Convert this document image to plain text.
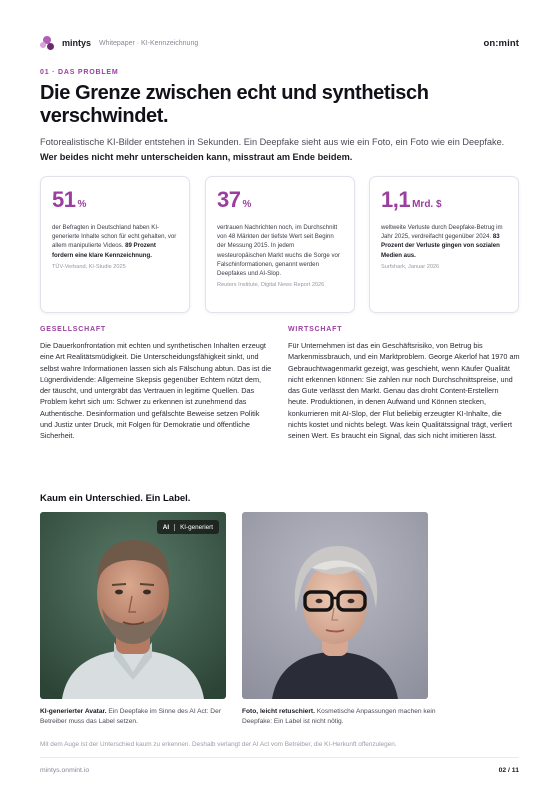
mintys Whitepaper · KI-Kennzeichnung	on:mint
01 · DAS PROBLEM
Die Grenze zwischen echt und synthetisch verschwindet.

Fotorealistische KI-Bilder entstehen in Sekunden. Ein Deepfake sieht aus wie ein Foto, ein Foto wie ein Deepfake. Wer beides nicht mehr unterscheiden kann, misstraut am Ende beidem.

51 %

der Befragten in Deutschland haben KI-generierte Inhalte schon für echt gehalten, vor allem manipulierte Videos. 89 Prozent fordern eine klare Kennzeichnung.

TÜV-Verband, KI-Studie 2025
37 %

vertrauen Nachrichten noch, im Durchschnitt von 48 Märkten der tiefste Wert seit Beginn der Messung 2015. In jedem westeuropäischen Markt wuchs die Sorge vor Falschinformationen, genannt werden Deepfakes und AI-Slop.

Reuters Institute, Digital News Report 2026
1,1 Mrd. $

weltweite Verluste durch Deepfake-Betrug im Jahr 2025, verdreifacht gegenüber 2024. 83 Prozent der Verluste gingen von sozialen Medien aus.

Surfshark, Januar 2026
GESELLSCHAFT

Die Dauerkonfrontation mit echten und synthetischen Inhalten erzeugt eine Art Realitätsmüdigkeit. Die Unterscheidungsfähigkeit sinkt, und selbst wahre Informationen lassen sich als Fälschung abtun. Das ist die Lügnerdividende: Allgemeine Skepsis gegenüber Echtem nützt dem, der täuscht, und untergräbt das Vertrauen in legitime Quellen. Das Problem kehrt sich um: Schwer zu erkennen ist zunehmend das Authentische. Desinformation und gefälschte Beweise setzen Politik und Justiz unter Druck, mit Folgen für Demokratie und öffentliche Sicherheit.

WIRTSCHAFT

Für Unternehmen ist das ein Geschäftsrisiko, von Betrug bis Markenmissbrauch, und ein Marktproblem. George Akerlof hat 1970 am Gebrauchtwagenmarkt gezeigt, was geschieht, wenn Käufer Qualität nicht erkennen können: Sie zahlen nur noch Durchschnittspreise, und das Gute verlässt den Markt. Genau das droht Content-Erstellern heute. Produktionen, in denen Aufwand und Können stecken, konkurrieren mit AI-Slop, der Flut beliebig erzeugter KI-Inhalte, die nichts kostet und nichts belegt. Was kein Qualitätssignal trägt, verliert seinen Wert. Es braucht ein Signal, das sich nicht imitieren lässt.

Kaum ein Unterschied. Ein Label.
AI KI-generiert

KI-generierter Avatar. Ein Deepfake im Sinne des AI Act: Der Betreiber muss das Label setzen.

Foto, leicht retuschiert. Kosmetische Anpassungen machen kein Deepfake: Ein Label ist nicht nötig.

Mit dem Auge ist der Unterschied kaum zu erkennen. Deshalb verlangt der AI Act vom Betreiber, die KI-Herkunft offenzulegen.

mintys.onmint.io	02 / 11
